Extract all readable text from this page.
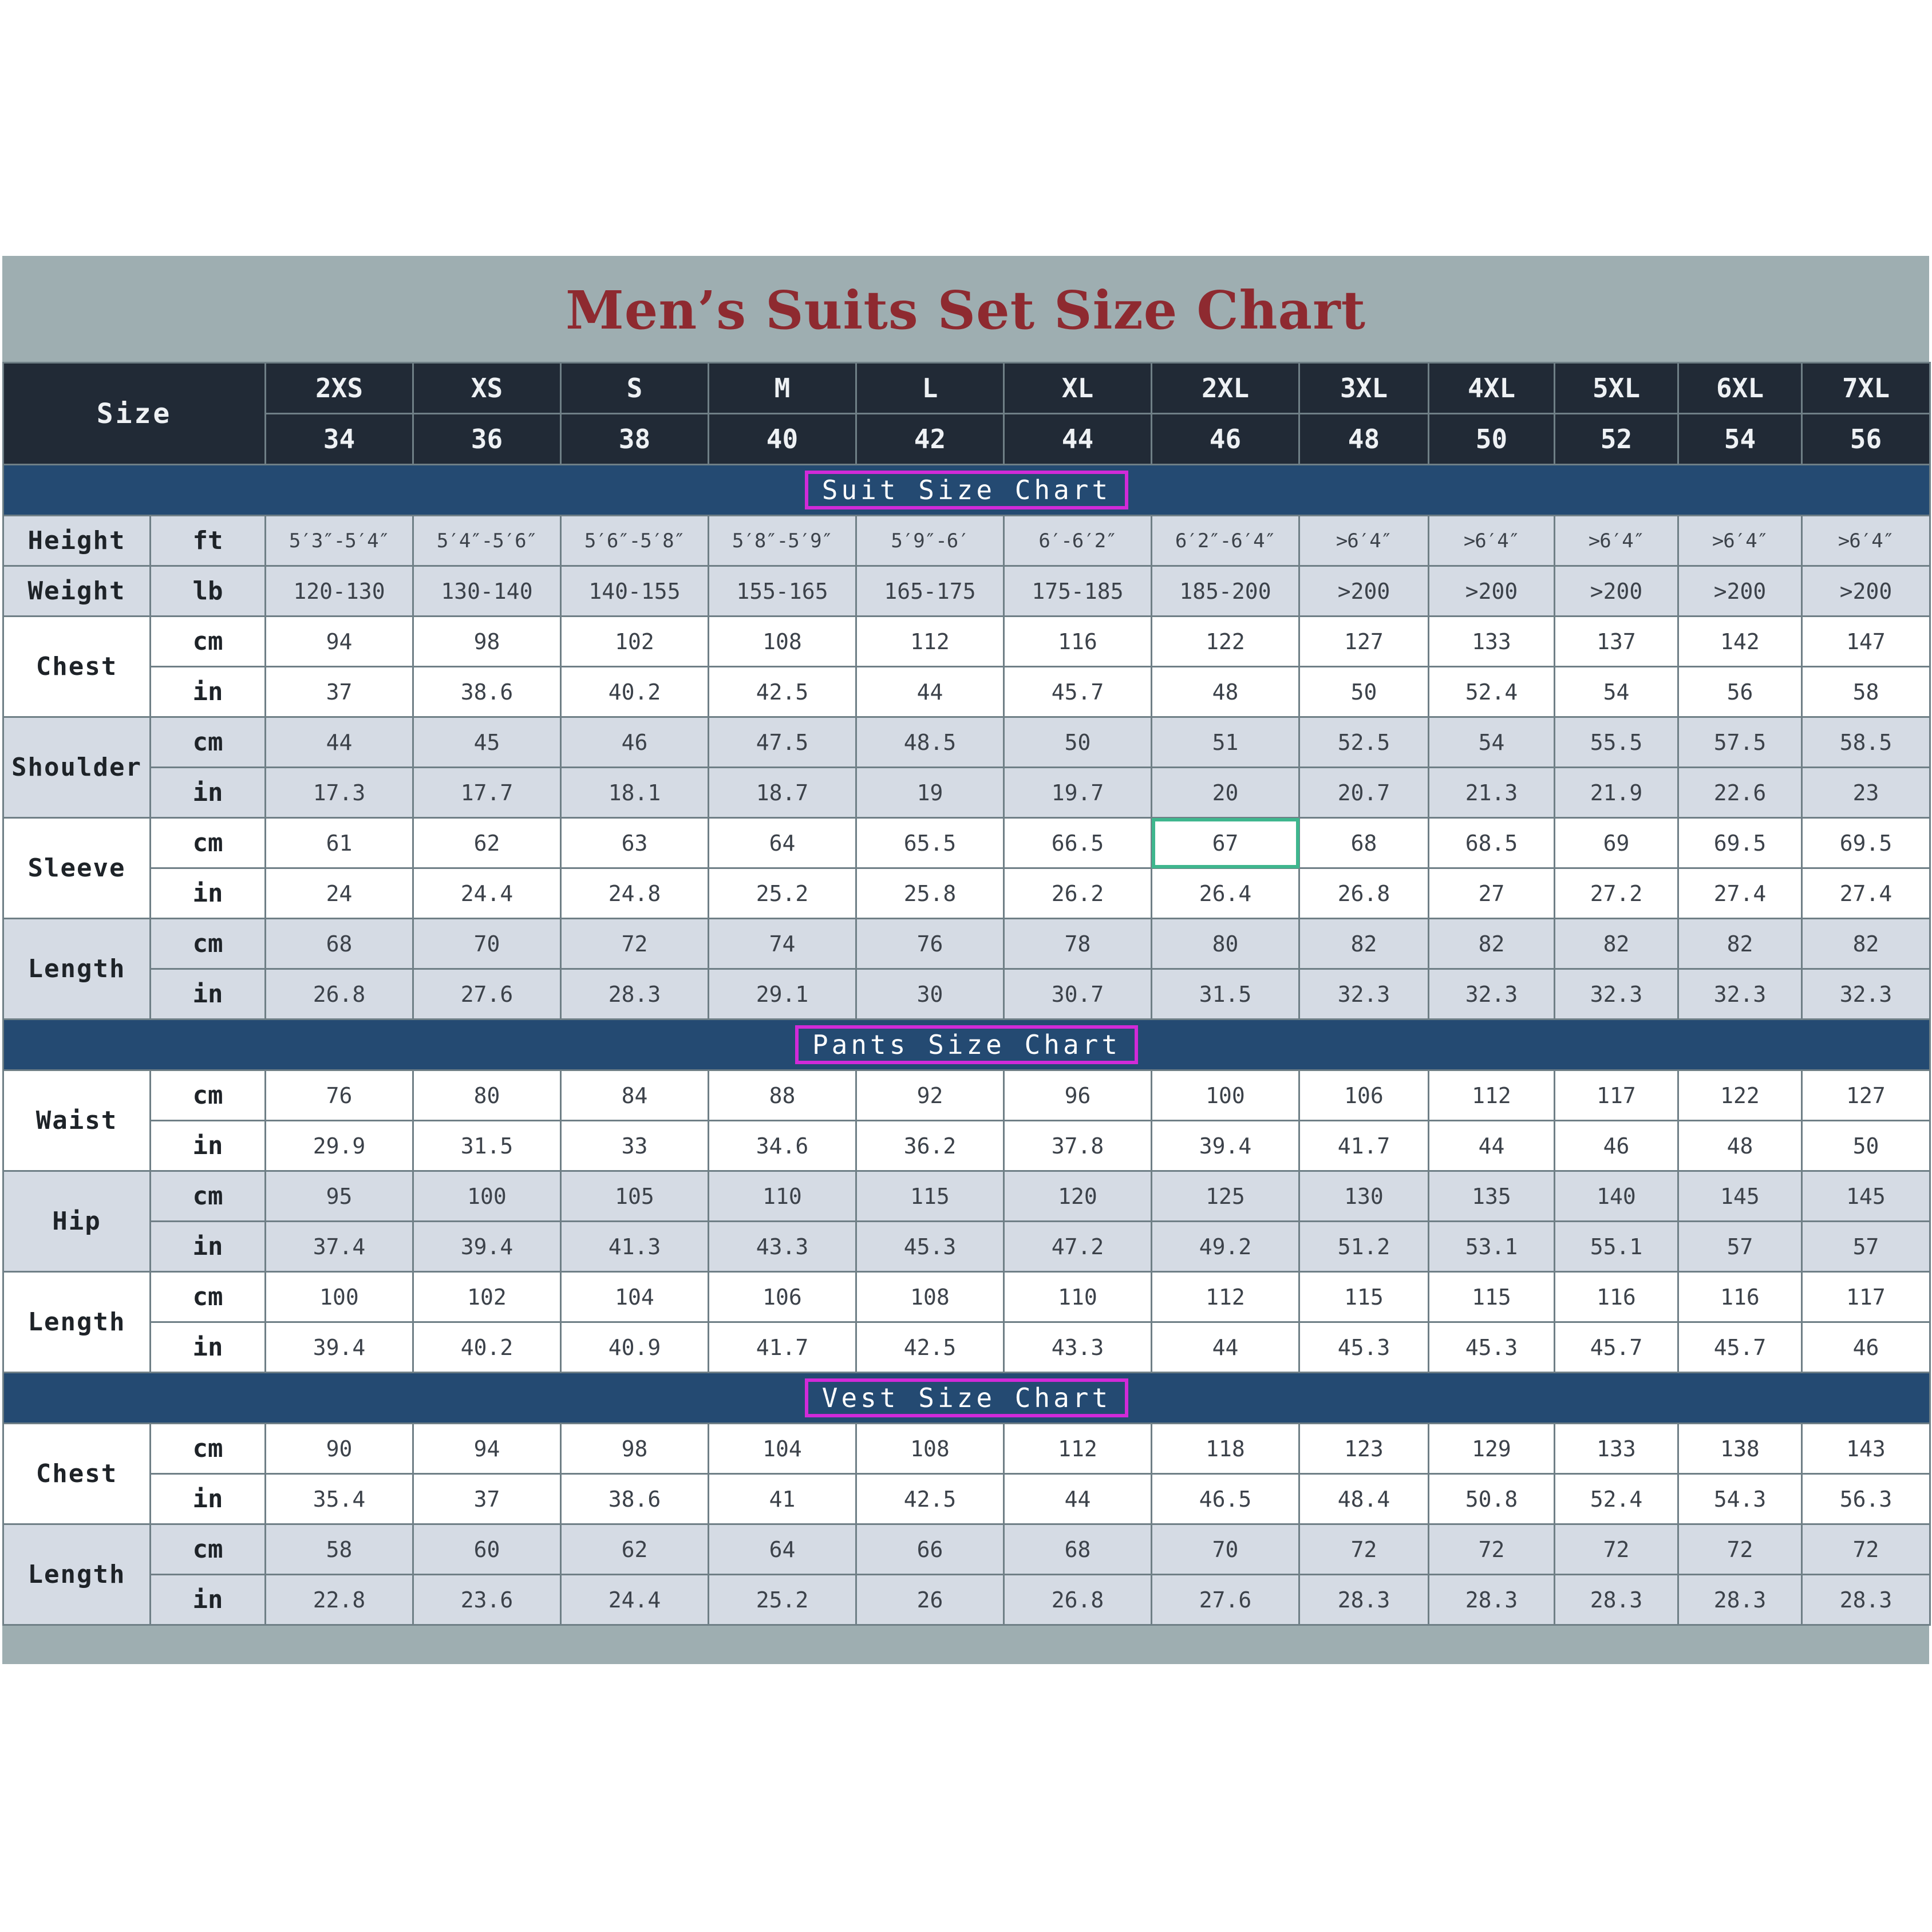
Men’s Suits Set Size Chart
Size		2XS	XS	S	M	L	XL	2XL	3XL	4XL	5XL	6XL	7XL
		34	36	38	40	42	44	46	48	50	52	54	56
Suit Size Chart													
Height	ft	5′3″-5′4″	5′4″-5′6″	5′6″-5′8″	5′8″-5′9″	5′9″-6′	6′-6′2″	6′2″-6′4″	>6′4″	>6′4″	>6′4″	>6′4″	>6′4″
Weight	lb	120-130	130-140	140-155	155-165	165-175	175-185	185-200	>200	>200	>200	>200	>200
Chest	cm	94	98	102	108	112	116	122	127	133	137	142	147
	in	37	38.6	40.2	42.5	44	45.7	48	50	52.4	54	56	58
Shoulder	cm	44	45	46	47.5	48.5	50	51	52.5	54	55.5	57.5	58.5
	in	17.3	17.7	18.1	18.7	19	19.7	20	20.7	21.3	21.9	22.6	23
Sleeve	cm	61	62	63	64	65.5	66.5	67	68	68.5	69	69.5	69.5
	in	24	24.4	24.8	25.2	25.8	26.2	26.4	26.8	27	27.2	27.4	27.4
Length	cm	68	70	72	74	76	78	80	82	82	82	82	82
	in	26.8	27.6	28.3	29.1	30	30.7	31.5	32.3	32.3	32.3	32.3	32.3
Pants Size Chart													
Waist	cm	76	80	84	88	92	96	100	106	112	117	122	127
	in	29.9	31.5	33	34.6	36.2	37.8	39.4	41.7	44	46	48	50
Hip	cm	95	100	105	110	115	120	125	130	135	140	145	145
	in	37.4	39.4	41.3	43.3	45.3	47.2	49.2	51.2	53.1	55.1	57	57
Length	cm	100	102	104	106	108	110	112	115	115	116	116	117
	in	39.4	40.2	40.9	41.7	42.5	43.3	44	45.3	45.3	45.7	45.7	46
Vest Size Chart													
Chest	cm	90	94	98	104	108	112	118	123	129	133	138	143
	in	35.4	37	38.6	41	42.5	44	46.5	48.4	50.8	52.4	54.3	56.3
Length	cm	58	60	62	64	66	68	70	72	72	72	72	72
	in	22.8	23.6	24.4	25.2	26	26.8	27.6	28.3	28.3	28.3	28.3	28.3
